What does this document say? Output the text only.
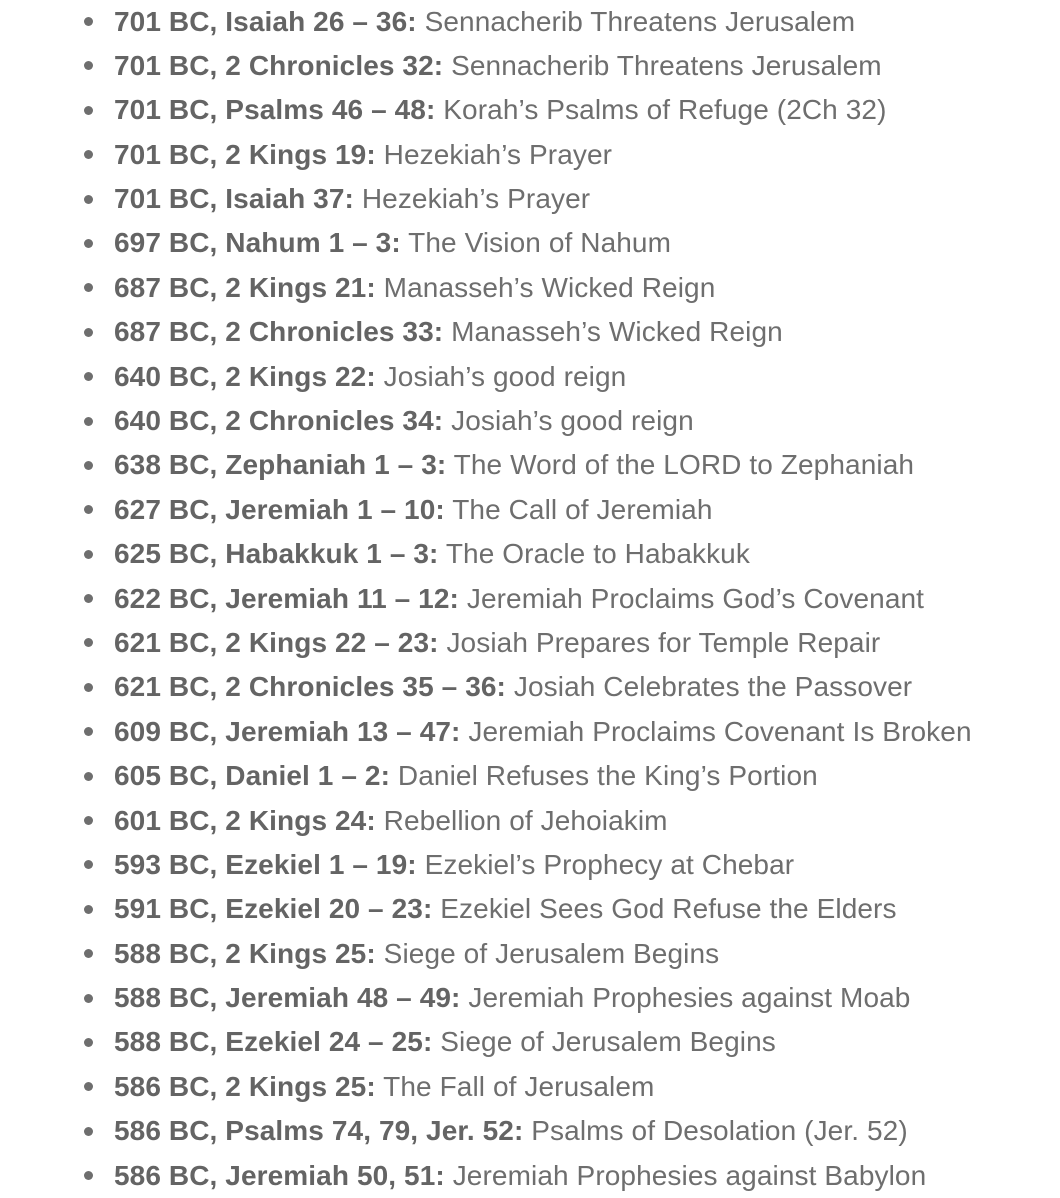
701 BC, Isaiah 26 – 36: Sennacherib Threatens Jerusalem
701 BC, 2 Chronicles 32: Sennacherib Threatens Jerusalem
701 BC, Psalms 46 – 48: Korah’s Psalms of Refuge (2Ch 32)
701 BC, 2 Kings 19: Hezekiah’s Prayer
701 BC, Isaiah 37: Hezekiah’s Prayer
697 BC, Nahum 1 – 3: The Vision of Nahum
687 BC, 2 Kings 21: Manasseh’s Wicked Reign
687 BC, 2 Chronicles 33: Manasseh’s Wicked Reign
640 BC, 2 Kings 22: Josiah’s good reign
640 BC, 2 Chronicles 34: Josiah’s good reign
638 BC, Zephaniah 1 – 3: The Word of the LORD to Zephaniah
627 BC, Jeremiah 1 – 10: The Call of Jeremiah
625 BC, Habakkuk 1 – 3: The Oracle to Habakkuk
622 BC, Jeremiah 11 – 12: Jeremiah Proclaims God’s Covenant
621 BC, 2 Kings 22 – 23: Josiah Prepares for Temple Repair
621 BC, 2 Chronicles 35 – 36: Josiah Celebrates the Passover
609 BC, Jeremiah 13 – 47: Jeremiah Proclaims Covenant Is Broken
605 BC, Daniel 1 – 2: Daniel Refuses the King’s Portion
601 BC, 2 Kings 24: Rebellion of Jehoiakim
593 BC, Ezekiel 1 – 19: Ezekiel’s Prophecy at Chebar
591 BC, Ezekiel 20 – 23: Ezekiel Sees God Refuse the Elders
588 BC, 2 Kings 25: Siege of Jerusalem Begins
588 BC, Jeremiah 48 – 49: Jeremiah Prophesies against Moab
588 BC, Ezekiel 24 – 25: Siege of Jerusalem Begins
586 BC, 2 Kings 25: The Fall of Jerusalem
586 BC, Psalms 74, 79, Jer. 52: Psalms of Desolation (Jer. 52)
586 BC, Jeremiah 50, 51: Jeremiah Prophesies against Babylon
